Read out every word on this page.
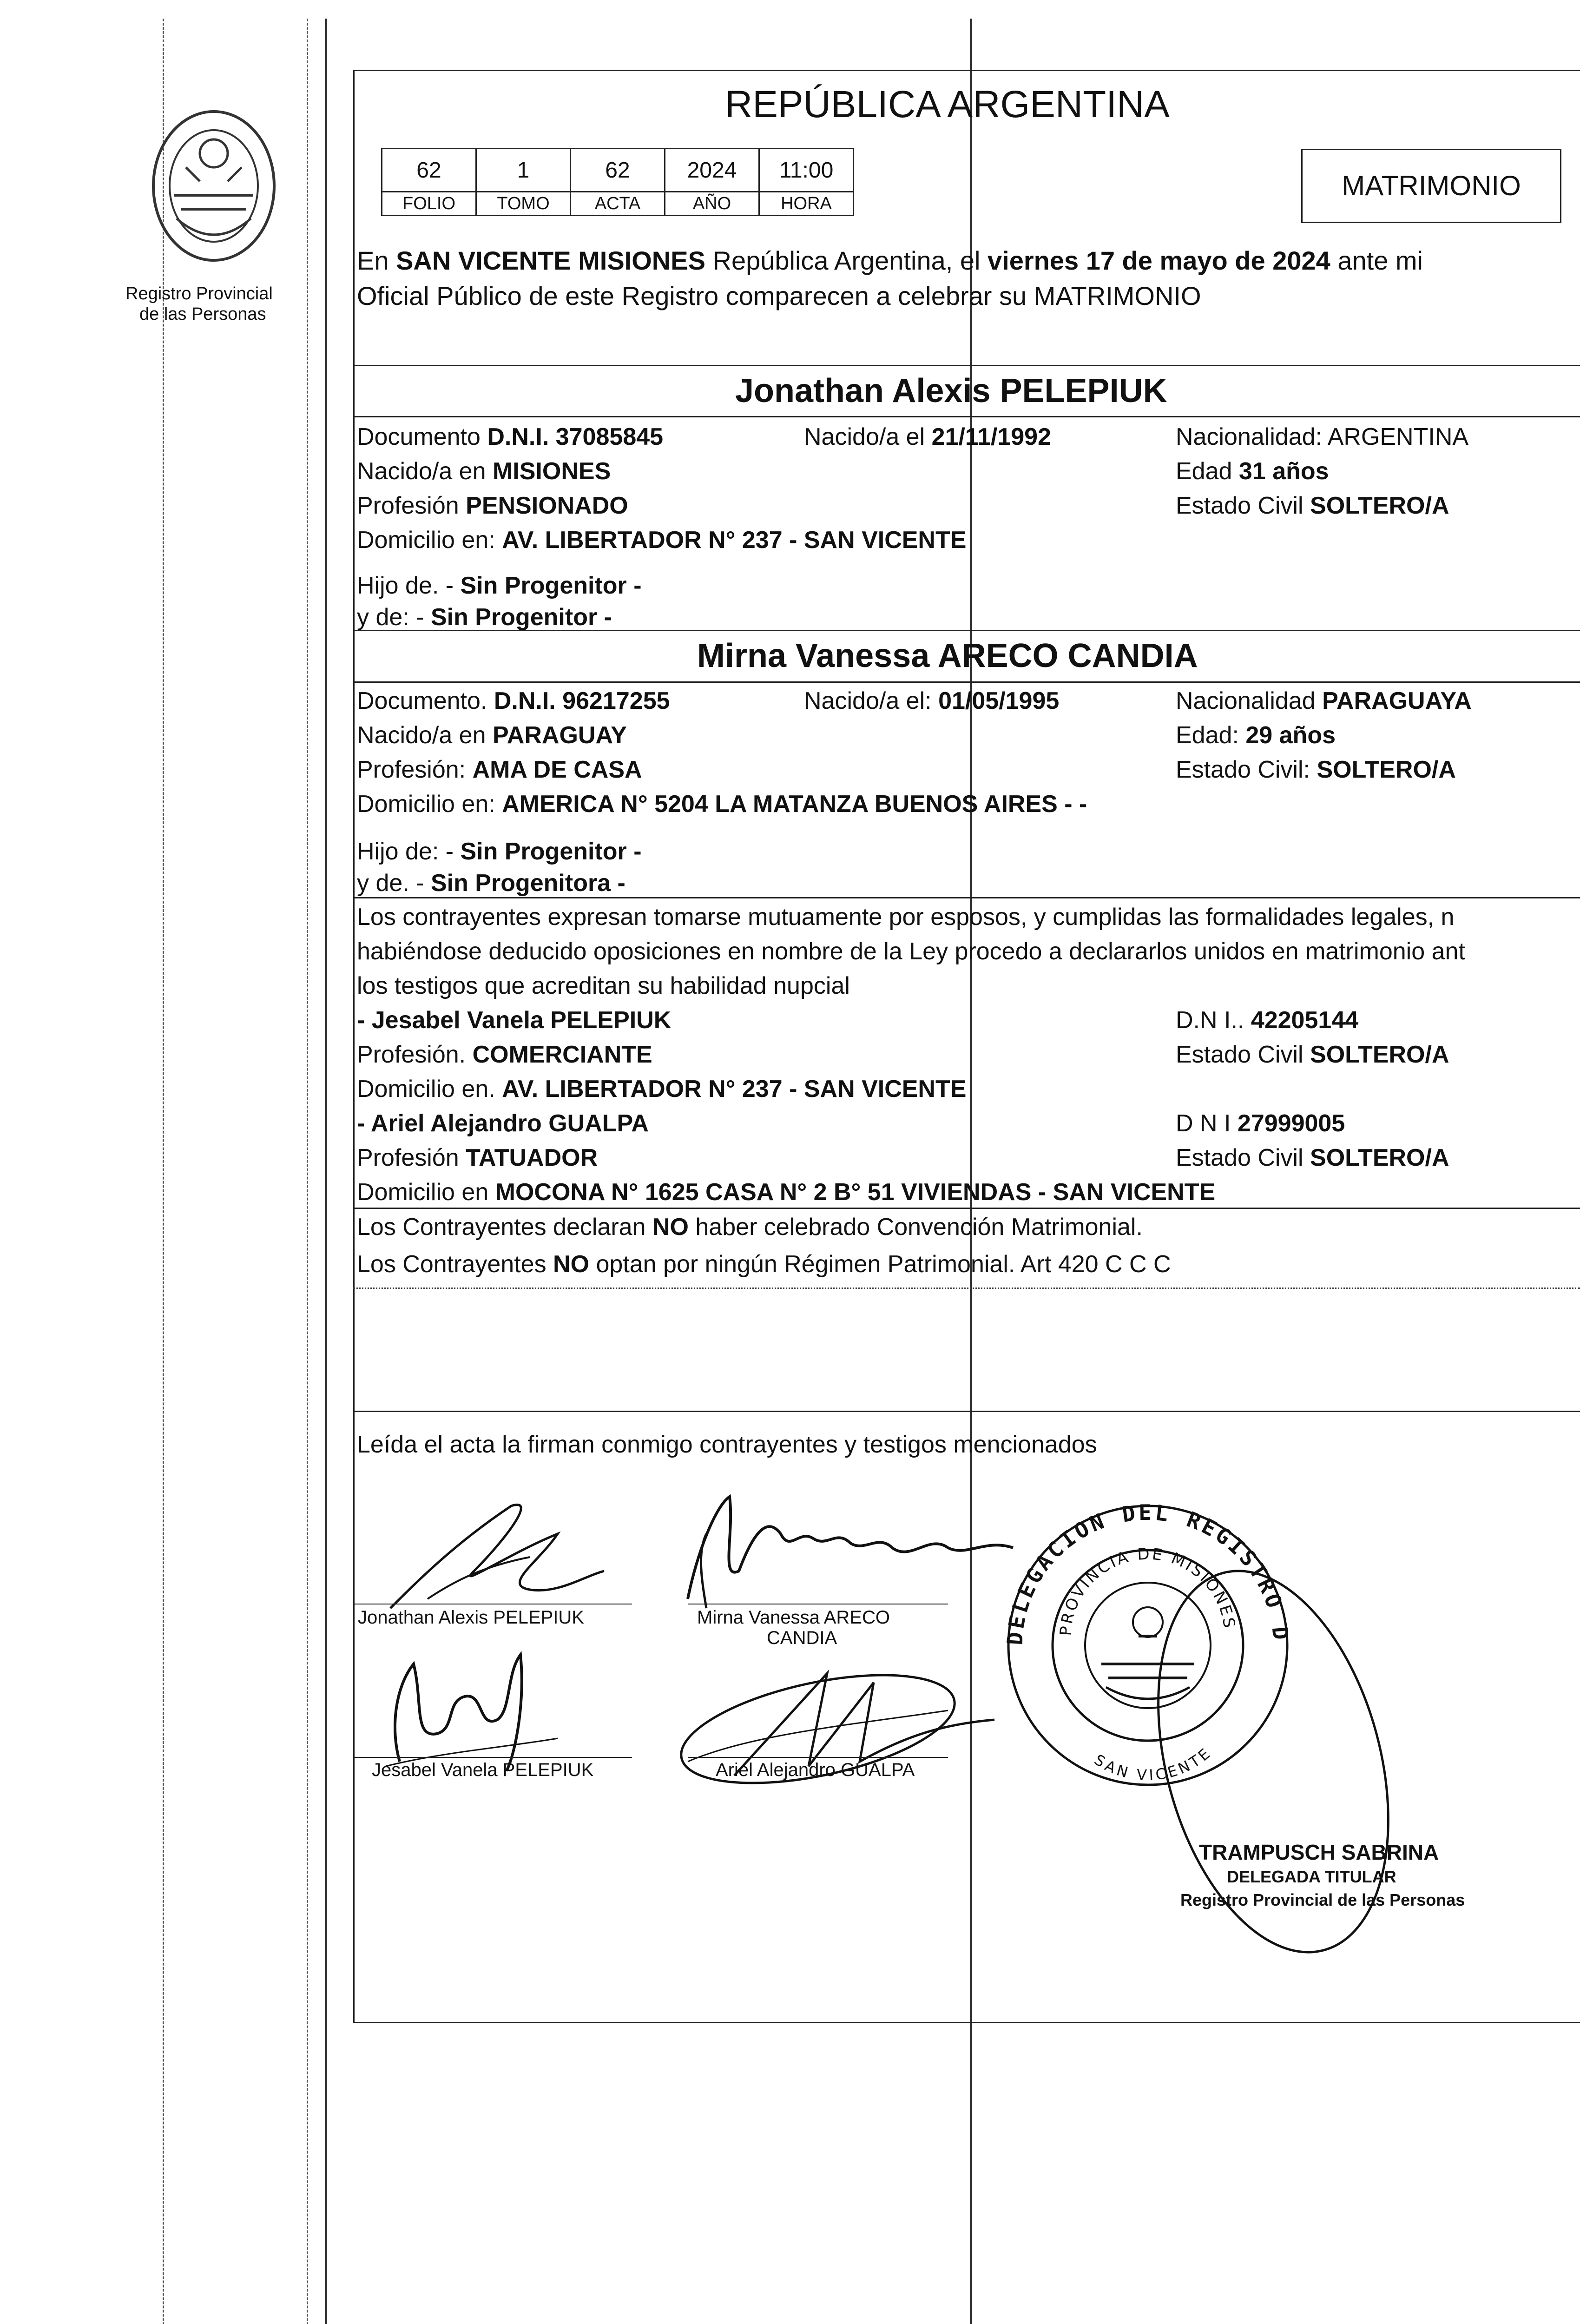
Registro Provincial
de las Personas
REPÚBLICA ARGENTINA
62	1	62	2024	11:00
FOLIO	TOMO	ACTA	AÑO	HORA
MATRIMONIO
En SAN VICENTE MISIONES República Argentina, el viernes 17 de mayo de 2024 ante mi
Oficial Público de este Registro comparecen a celebrar su MATRIMONIO
Jonathan Alexis PELEPIUK
Documento D.N.I. 37085845	Nacido/a el 21/11/1992	Nacionalidad: ARGENTINA
Nacido/a en MISIONES	Edad 31 años
Profesión PENSIONADO	Estado Civil SOLTERO/A
Domicilio en: AV. LIBERTADOR N° 237 - SAN VICENTE
Hijo de. - Sin Progenitor -
y de: - Sin Progenitor -
Mirna Vanessa ARECO CANDIA
Documento. D.N.I. 96217255	Nacido/a el: 01/05/1995	Nacionalidad PARAGUAYA
Nacido/a en PARAGUAY	Edad: 29 años
Profesión: AMA DE CASA	Estado Civil: SOLTERO/A
Domicilio en: AMERICA N° 5204 LA MATANZA BUENOS AIRES - -
Hijo de: - Sin Progenitor -
y de. - Sin Progenitora -
Los contrayentes expresan tomarse mutuamente por esposos, y cumplidas las formalidades legales, n
habiéndose deducido oposiciones en nombre de la Ley procedo a declararlos unidos en matrimonio ant
los testigos que acreditan su habilidad nupcial
- Jesabel Vanela PELEPIUK	D.N I.. 42205144
Profesión. COMERCIANTE	Estado Civil SOLTERO/A
Domicilio en. AV. LIBERTADOR N° 237 - SAN VICENTE
- Ariel Alejandro GUALPA	D N I 27999005
Profesión TATUADOR	Estado Civil SOLTERO/A
Domicilio en MOCONA N° 1625 CASA N° 2 B° 51 VIVIENDAS - SAN VICENTE
Los Contrayentes declaran NO haber celebrado Convención Matrimonial.
Los Contrayentes NO optan por ningún Régimen Patrimonial. Art 420 C C C
Leída el acta la firman conmigo contrayentes y testigos mencionados
Jonathan Alexis PELEPIUK	Mirna Vanessa ARECO
CANDIA
Jesabel Vanela PELEPIUK	Ariel Alejandro GUALPA
DELEGACION DEL REGISTRO D
PROVINCIA DE MISIONES
SAN VICENTE
TRAMPUSCH SABRINA
DELEGADA TITULAR
Registro Provincial de las Personas
